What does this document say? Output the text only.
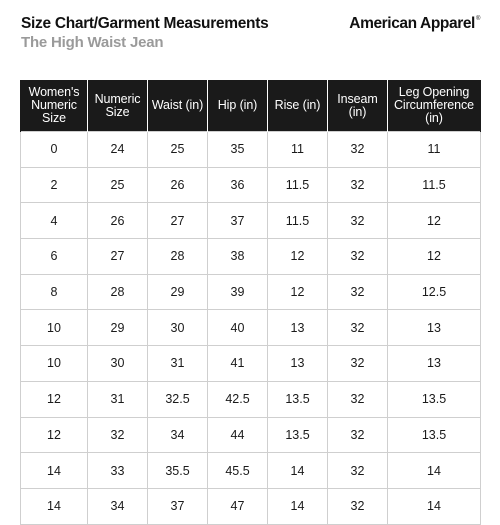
Size Chart/Garment Measurements
The High Waist Jean
American Apparel®
Women's Numeric Size	Numeric Size	Waist (in)	Hip (in)	Rise (in)	Inseam (in)	Leg Opening Circumference (in)
0	24	25	35	11	32	11
2	25	26	36	11.5	32	11.5
4	26	27	37	11.5	32	12
6	27	28	38	12	32	12
8	28	29	39	12	32	12.5
10	29	30	40	13	32	13
10	30	31	41	13	32	13
12	31	32.5	42.5	13.5	32	13.5
12	32	34	44	13.5	32	13.5
14	33	35.5	45.5	14	32	14
14	34	37	47	14	32	14
